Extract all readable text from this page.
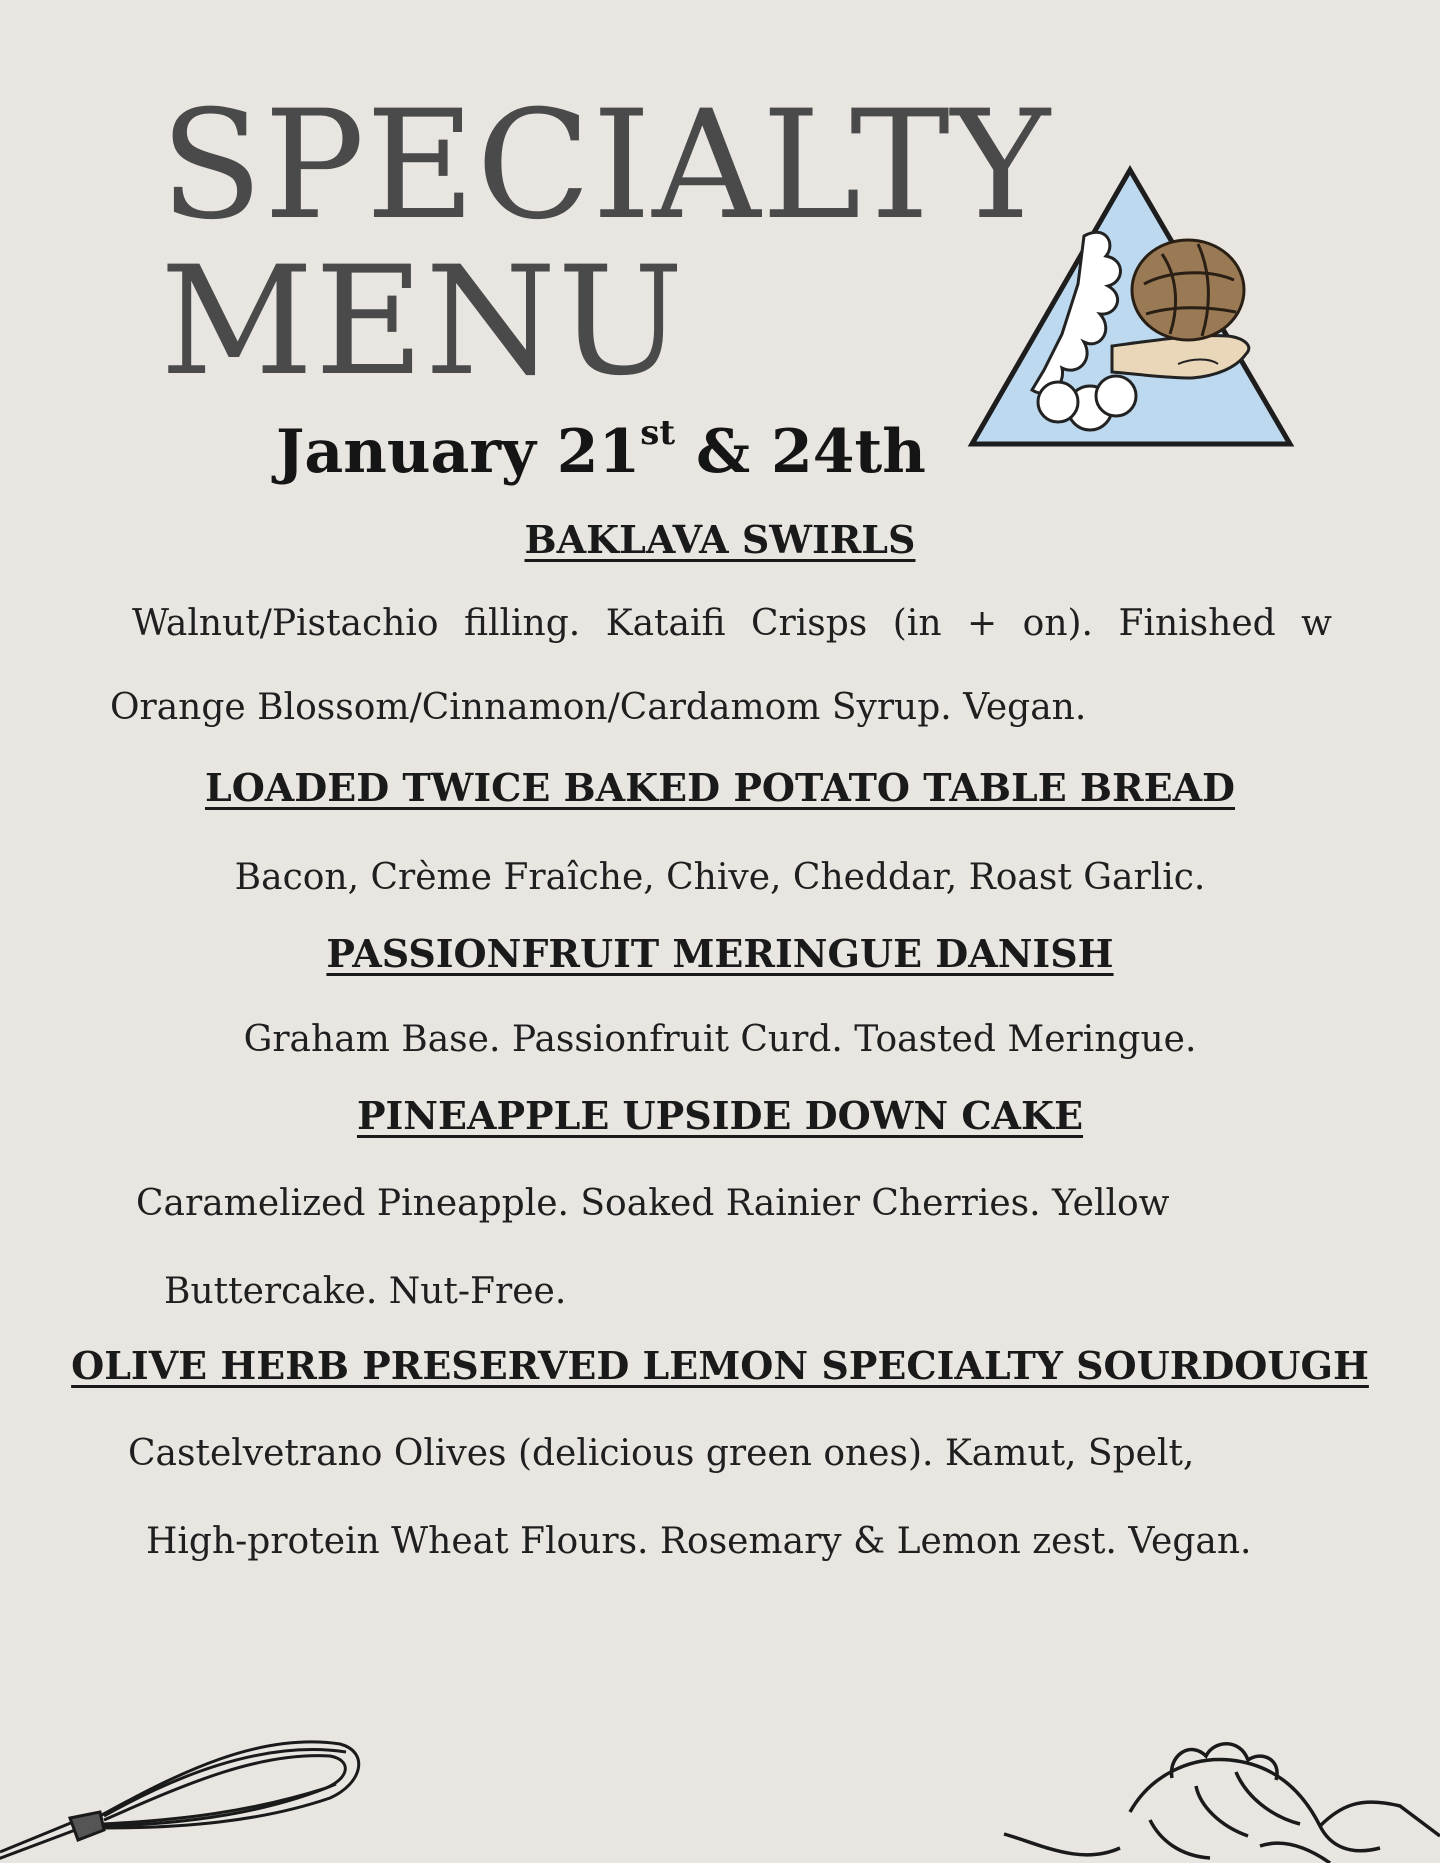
SPECIALTY
MENU
January 21st & 24th
BAKLAVA SWIRLS

Walnut/Pistachio filling. Kataifi Crisps (in + on). Finished w

Orange Blossom/Cinnamon/Cardamom Syrup. Vegan.

LOADED TWICE BAKED POTATO TABLE BREAD

Bacon, Crème Fraîche, Chive, Cheddar, Roast Garlic.

PASSIONFRUIT MERINGUE DANISH

Graham Base. Passionfruit Curd. Toasted Meringue.

PINEAPPLE UPSIDE DOWN CAKE

Caramelized Pineapple. Soaked Rainier Cherries. Yellow

Buttercake. Nut-Free.

OLIVE HERB PRESERVED LEMON SPECIALTY SOURDOUGH

Castelvetrano Olives (delicious green ones). Kamut, Spelt,

High-protein Wheat Flours. Rosemary & Lemon zest. Vegan.
